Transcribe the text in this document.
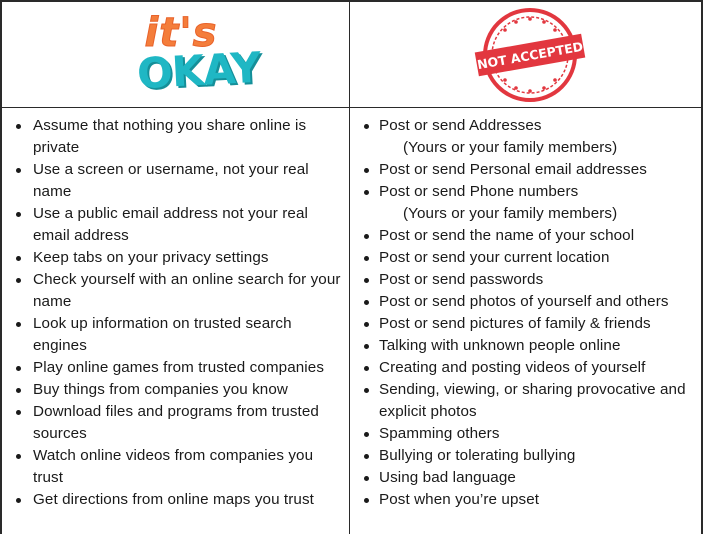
it's
OKAY	NOT ACCEPTED
Assume that nothing you share online is private
Use a screen or username, not your real name
Use a public email address not your real email address
Keep tabs on your privacy settings
Check yourself with an online search for your name
Look up information on trusted search engines
Play online games from trusted companies
Buy things from companies you know
Download files and programs from trusted sources
Watch online videos from companies you trust
Get directions from online maps you trust
Post or send Addresses
(Yours or your family members)
Post or send Personal email addresses
Post or send Phone numbers
(Yours or your family members)
Post or send the name of your school
Post or send your current location
Post or send passwords
Post or send photos of yourself and others
Post or send pictures of family & friends
Talking with unknown people online
Creating and posting videos of yourself
Sending, viewing, or sharing provocative and explicit photos
Spamming others
Bullying or tolerating bullying
Using bad language
Post when you’re upset
